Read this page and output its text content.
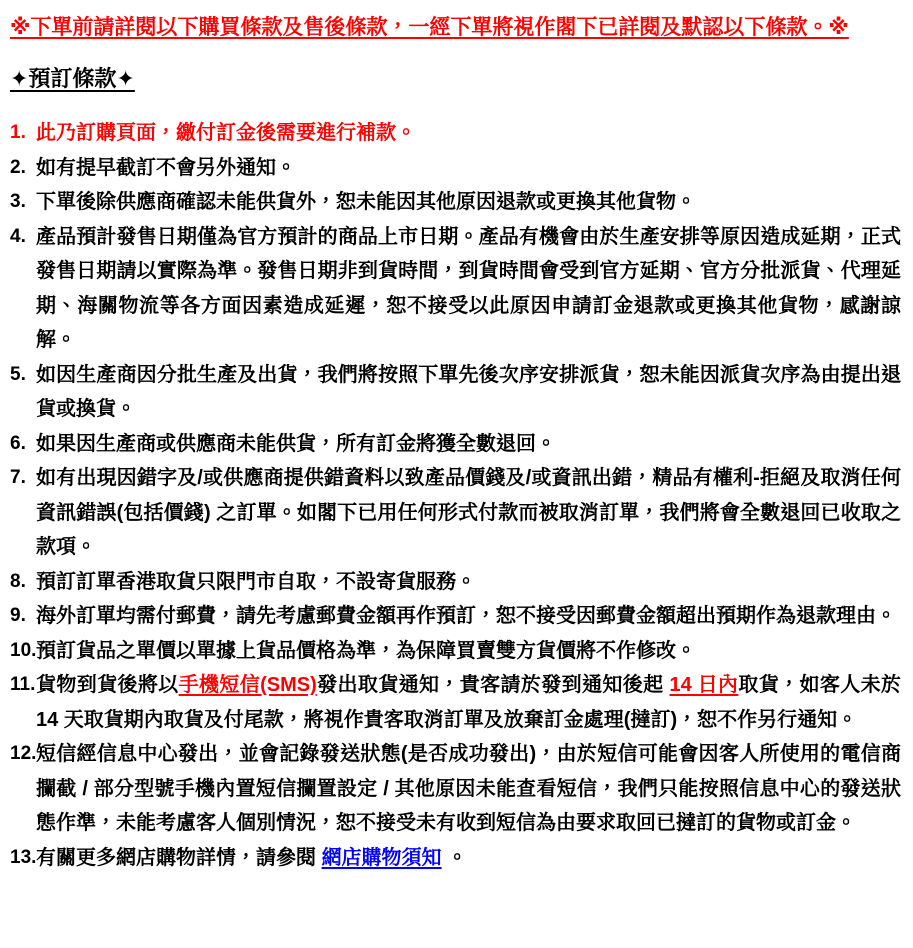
※下單前請詳閱以下購買條款及售後條款，一經下單將視作閣下已詳閱及默認以下條款。※

✦預訂條款✦
1. 此乃訂購頁面，繳付訂金後需要進行補款。
2. 如有提早截訂不會另外通知。
3. 下單後除供應商確認未能供貨外，恕未能因其他原因退款或更換其他貨物。
4. 產品預計發售日期僅為官方預計的商品上市日期。產品有機會由於生產安排等原因造成延期，正式發售日期請以實際為準。發售日期非到貨時間，到貨時間會受到官方延期、官方分批派貨、代理延期、海關物流等各方面因素造成延遲，恕不接受以此原因申請訂金退款或更換其他貨物，感謝諒解。
5. 如因生產商因分批生產及出貨，我們將按照下單先後次序安排派貨，恕未能因派貨次序為由提出退貨或換貨。
6. 如果因生產商或供應商未能供貨，所有訂金將獲全數退回。
7. 如有出現因錯字及/或供應商提供錯資料以致產品價錢及/或資訊出錯，精品有權利-拒絕及取消任何資訊錯誤(包括價錢) 之訂單。如閣下已用任何形式付款而被取消訂單，我們將會全數退回已收取之款項。
8. 預訂訂單香港取貨只限門市自取，不設寄貨服務。
9. 海外訂單均需付郵費，請先考慮郵費金額再作預訂，恕不接受因郵費金額超出預期作為退款理由。
10. 預訂貨品之單價以單據上貨品價格為準，為保障買賣雙方貨價將不作修改。
11. 貨物到貨後將以手機短信(SMS)發出取貨通知，貴客請於發到通知後起 14 日內取貨，如客人未於 14 天取貨期內取貨及付尾款，將視作貴客取消訂單及放棄訂金處理(撻訂)，恕不作另行通知。
12. 短信經信息中心發出，並會記錄發送狀態(是否成功發出)，由於短信可能會因客人所使用的電信商攔截 / 部分型號手機內置短信攔置設定 / 其他原因未能查看短信，我們只能按照信息中心的發送狀態作準，未能考慮客人個別情況，恕不接受未有收到短信為由要求取回已撻訂的貨物或訂金。
13. 有關更多網店購物詳情，請參閱 網店購物須知 。
